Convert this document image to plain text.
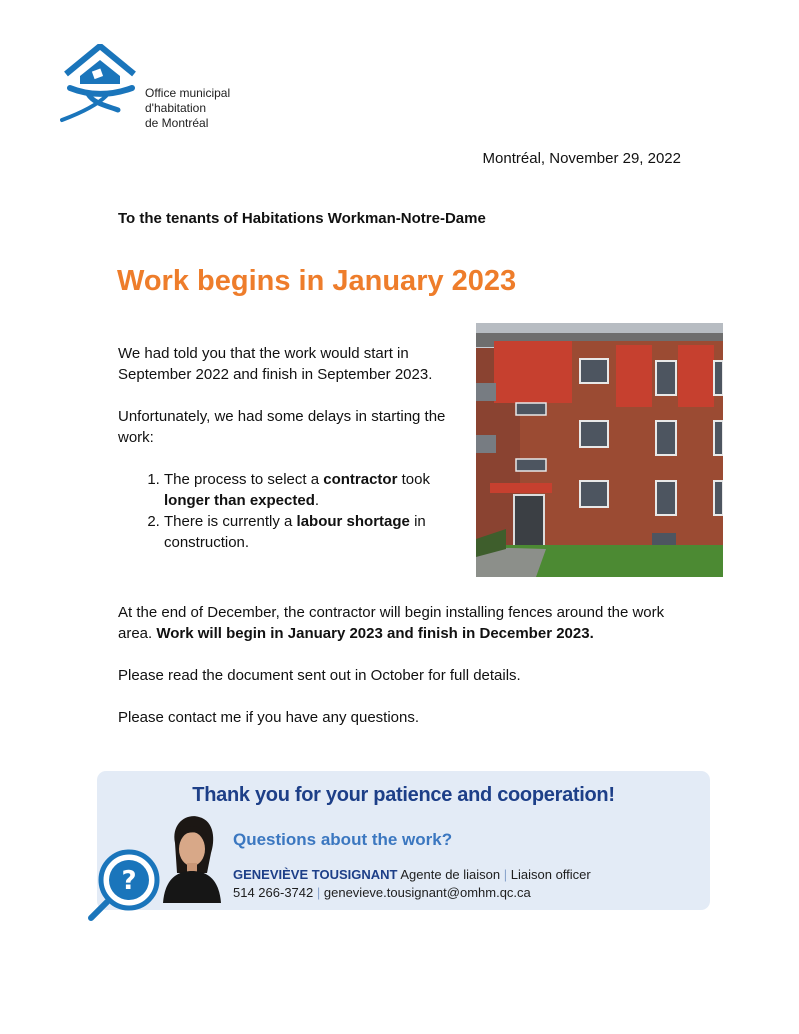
Office municipal
d'habitation
de Montréal
Montréal, November 29, 2022
To the tenants of Habitations Workman-Notre-Dame
Work begins in January 2023

We had told you that the work would start in September 2022 and finish in September 2023.

Unfortunately, we had some delays in starting the work:

1. The process to select a contractor took longer than expected.
2. There is currently a labour shortage in construction.

At the end of December, the contractor will begin installing fences around the work area. Work will begin in January 2023 and finish in December 2023.

Please read the document sent out in October for full details.

Please contact me if you have any questions.

Thank you for your patience and cooperation!
Questions about the work?
GENEVIÈVE TOUSIGNANT Agente de liaison | Liaison officer
514 266-3742 | genevieve.tousignant@omhm.qc.ca
?
